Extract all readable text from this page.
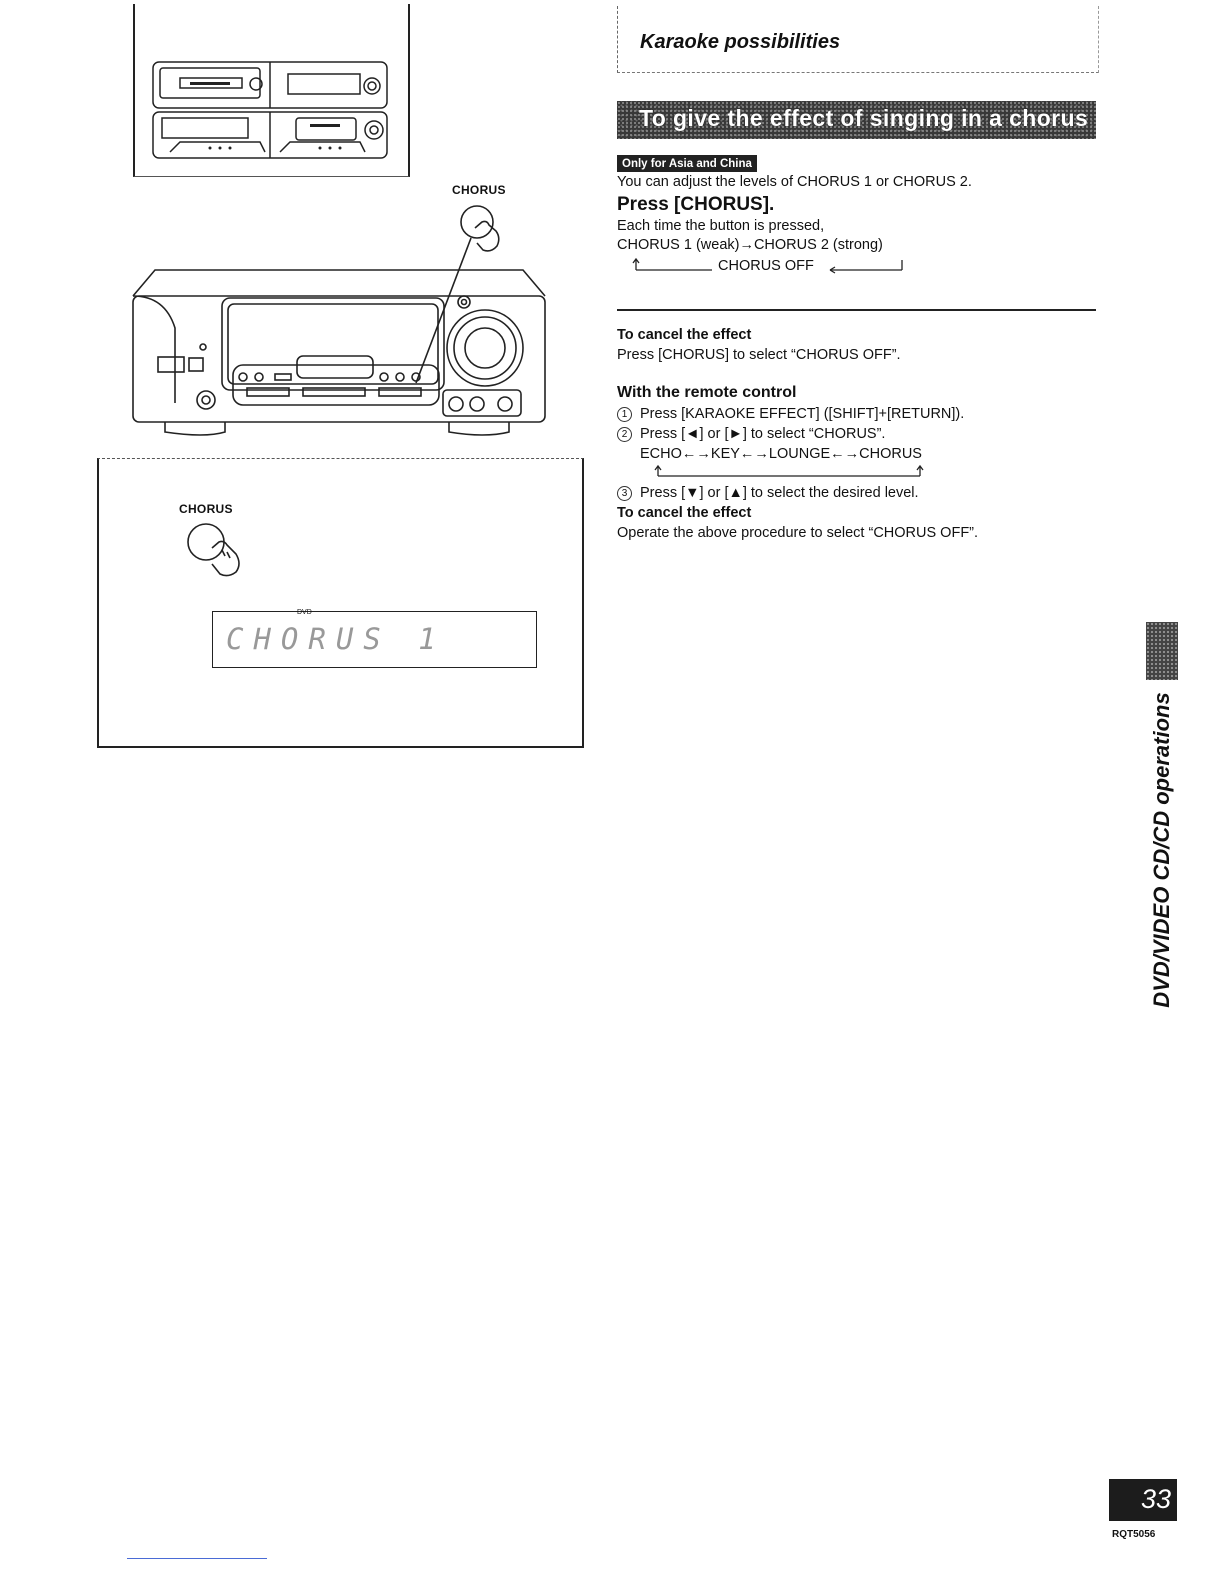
CHORUS
CHORUS
DVD
CHORUS 1
Karaoke possibilities
To give the effect of singing in a chorus
Only for Asia and China
You can adjust the levels of CHORUS 1 or CHORUS 2.
Press [CHORUS].
Each time the button is pressed,
CHORUS 1 (weak)→CHORUS 2 (strong)
CHORUS OFF
To cancel the effect
Press [CHORUS] to select “CHORUS OFF”.
With the remote control
1 Press [KARAOKE EFFECT] ([SHIFT]+[RETURN]).
2 Press [◄] or [►] to select “CHORUS”.
ECHO←→KEY←→LOUNGE←→CHORUS
3 Press [▼] or [▲] to select the desired level.
To cancel the effect
Operate the above procedure to select “CHORUS OFF”.
DVD/VIDEO CD/CD operations
33
RQT5056
